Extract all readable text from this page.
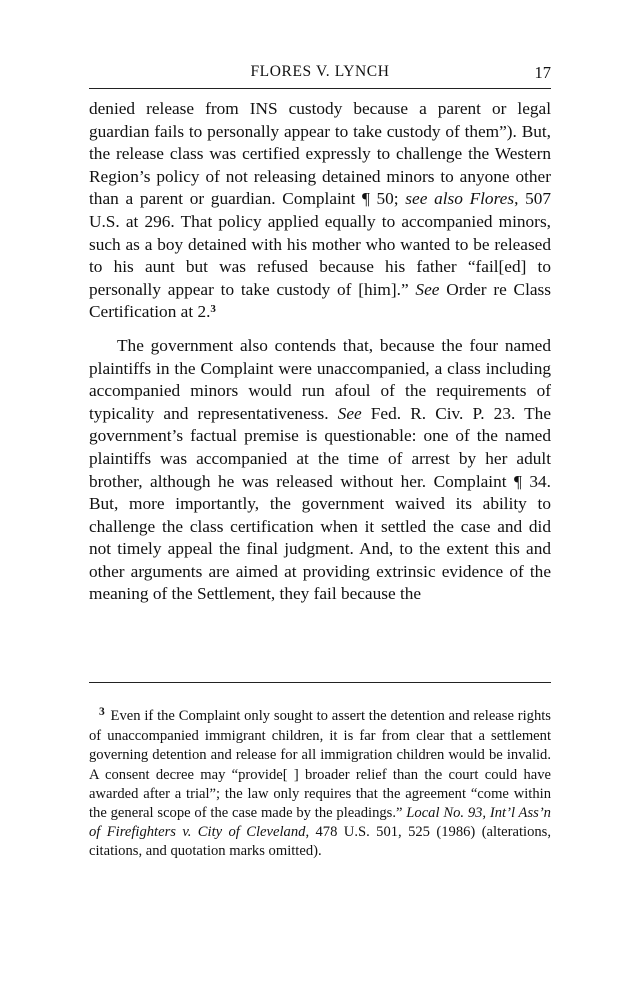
FLORES V. LYNCH	17

denied release from INS custody because a parent or legal guardian fails to personally appear to take custody of them”). But, the release class was certified expressly to challenge the Western Region’s policy of not releasing detained minors to anyone other than a parent or guardian. Complaint ¶ 50; see also Flores, 507 U.S. at 296. That policy applied equally to accompanied minors, such as a boy detained with his mother who wanted to be released to his aunt but was refused because his father “fail[ed] to personally appear to take custody of [him].” See Order re Class Certification at 2.$^3$

The government also contends that, because the four named plaintiffs in the Complaint were unaccompanied, a class including accompanied minors would run afoul of the requirements of typicality and representativeness. See Fed. R. Civ. P. 23. The government’s factual premise is questionable: one of the named plaintiffs was accompanied at the time of arrest by her adult brother, although he was released without her. Complaint ¶ 34. But, more importantly, the government waived its ability to challenge the class certification when it settled the case and did not timely appeal the final judgment. And, to the extent this and other arguments are aimed at providing extrinsic evidence of the meaning of the Settlement, they fail because the

$^3$ Even if the Complaint only sought to assert the detention and release rights of unaccompanied immigrant children, it is far from clear that a settlement governing detention and release for all immigration children would be invalid. A consent decree may “provide[ ] broader relief than the court could have awarded after a trial”; the law only requires that the agreement “come within the general scope of the case made by the pleadings.” Local No. 93, Int’l Ass’n of Firefighters v. City of Cleveland, 478 U.S. 501, 525 (1986) (alterations, citations, and quotation marks omitted).
